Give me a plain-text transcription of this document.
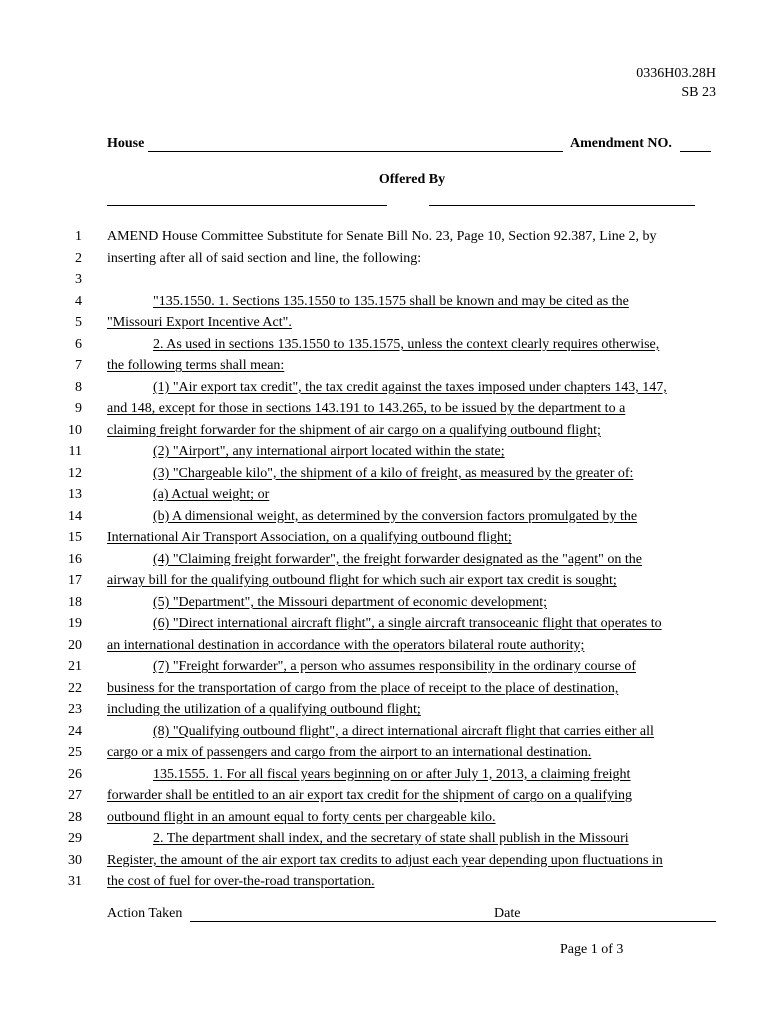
0336H03.28H
SB 23
House	Amendment NO.
Offered By
1 AMEND House Committee Substitute for Senate Bill No. 23, Page 10, Section 92.387, Line 2, by
2 inserting after all of said section and line, the following:
3
4	"135.1550. 1. Sections 135.1550 to 135.1575 shall be known and may be cited as the
5 "Missouri Export Incentive Act".
6	2. As used in sections 135.1550 to 135.1575, unless the context clearly requires otherwise,
7 the following terms shall mean:
8	(1) "Air export tax credit", the tax credit against the taxes imposed under chapters 143, 147,
9 and 148, except for those in sections 143.191 to 143.265, to be issued by the department to a
10 claiming freight forwarder for the shipment of air cargo on a qualifying outbound flight;
11	(2) "Airport", any international airport located within the state;
12	(3) "Chargeable kilo", the shipment of a kilo of freight, as measured by the greater of:
13	(a) Actual weight; or
14	(b) A dimensional weight, as determined by the conversion factors promulgated by the
15 International Air Transport Association, on a qualifying outbound flight;
16	(4) "Claiming freight forwarder", the freight forwarder designated as the "agent" on the
17 airway bill for the qualifying outbound flight for which such air export tax credit is sought;
18	(5) "Department", the Missouri department of economic development;
19	(6) "Direct international aircraft flight", a single aircraft transoceanic flight that operates to
20 an international destination in accordance with the operators bilateral route authority;
21	(7) "Freight forwarder", a person who assumes responsibility in the ordinary course of
22 business for the transportation of cargo from the place of receipt to the place of destination,
23 including the utilization of a qualifying outbound flight;
24	(8) "Qualifying outbound flight", a direct international aircraft flight that carries either all
25 cargo or a mix of passengers and cargo from the airport to an international destination.
26	135.1555. 1. For all fiscal years beginning on or after July 1, 2013, a claiming freight
27 forwarder shall be entitled to an air export tax credit for the shipment of cargo on a qualifying
28 outbound flight in an amount equal to forty cents per chargeable kilo.
29	2. The department shall index, and the secretary of state shall publish in the Missouri
30 Register, the amount of the air export tax credits to adjust each year depending upon fluctuations in
31 the cost of fuel for over-the-road transportation.
Action Taken	Date
Page 1 of 3
